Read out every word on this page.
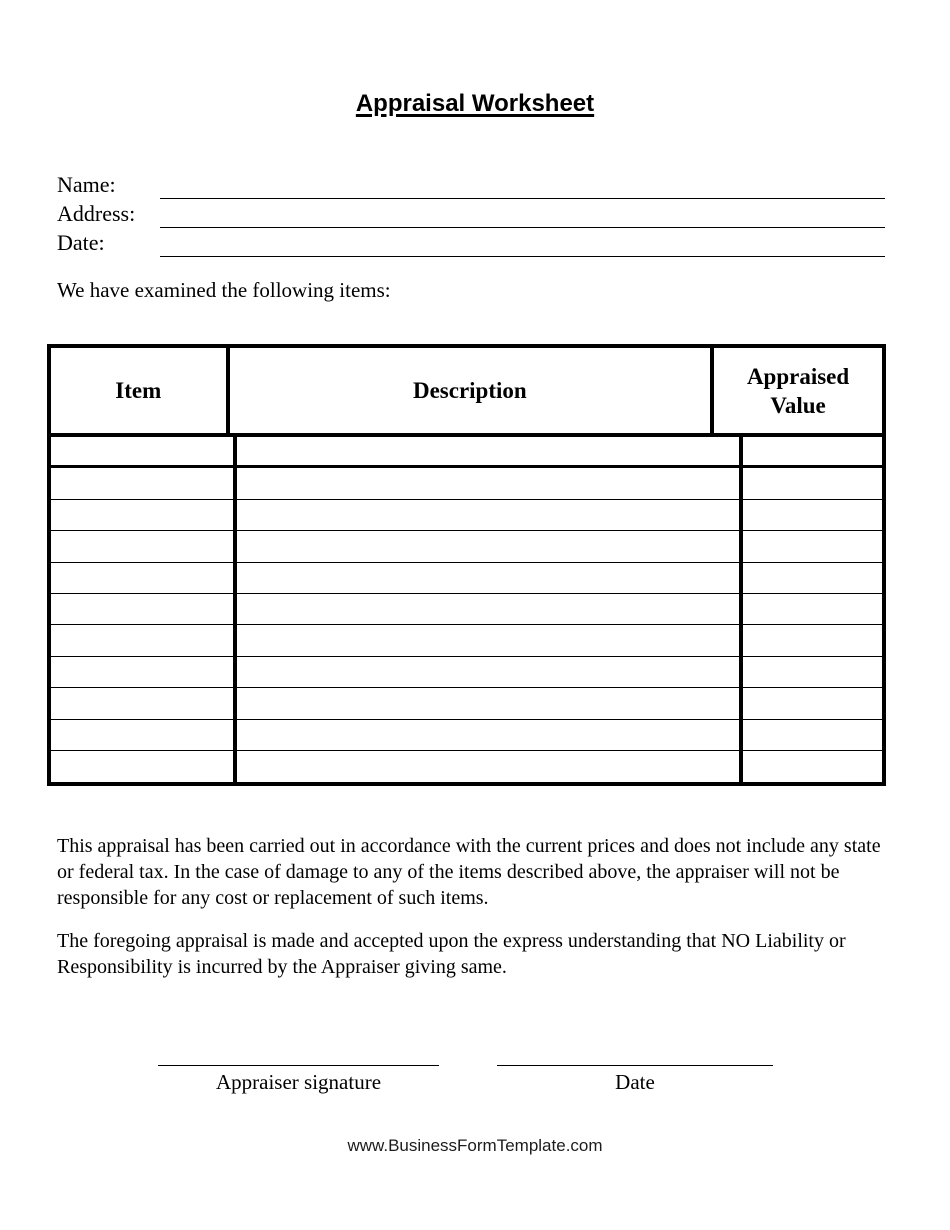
Appraisal Worksheet
Name:
Address:
Date:

We have examined the following items:

Item	Description
Appraised Value

This appraisal has been carried out in accordance with the current prices and does not include any state or federal tax. In the case of damage to any of the items described above, the appraiser will not be responsible for any cost or replacement of such items.

The foregoing appraisal is made and accepted upon the express understanding that NO Liability or Responsibility is incurred by the Appraiser giving same.

Appraiser signature	Date
www.BusinessFormTemplate.com
